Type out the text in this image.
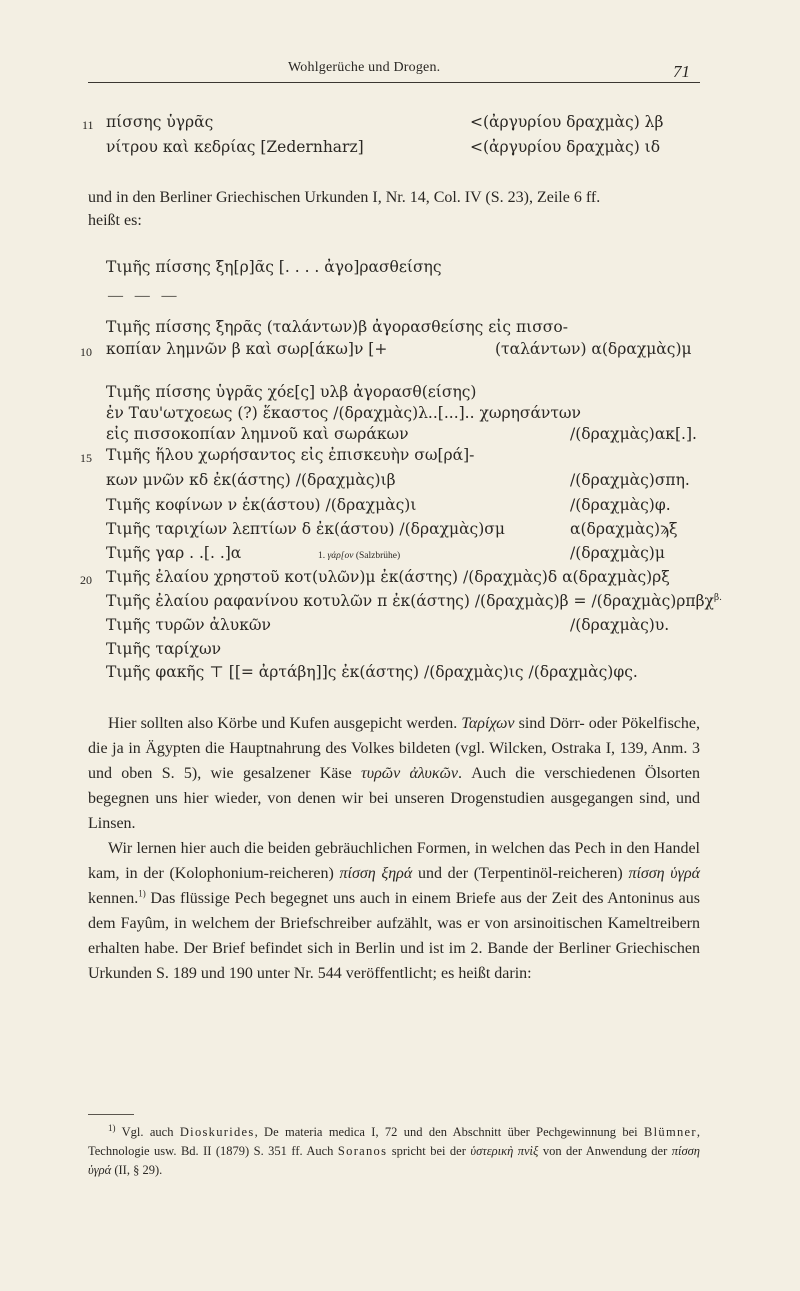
Wohlgerüche und Drogen.	71
11 πίσσης ὑγρᾶς	<(ἀργυρίου δραχμὰς) λβ
νίτρου καὶ κεδρίας [Zedernharz]	<(ἀργυρίου δραχμὰς) ιδ
und in den Berliner Griechischen Urkunden I, Nr. 14, Col. IV (S. 23), Zeile 6 ff.
heißt es:
Τιμῆς πίσσης ξη[ρ]ᾶς [. . . . ἀγο]ρασθείσης
— — —
Τιμῆς πίσσης ξηρᾶς (ταλάντων)β ἀγορασθείσης εἰς πισσο-
10 κοπίαν λημνῶν β καὶ σωρ[άκω]ν [+	(ταλάντων) α(δραχμὰς)μ
Τιμῆς πίσσης ὑγρᾶς χόε[ς] υλβ ἀγορασθ(είσης)
ἐν Ταυ'ωτχοεως (?) ἕκαστος /(δραχμὰς)λ..[...].. χωρησάντων
εἰς πισσοκοπίαν λημνοῦ καὶ σωράκων	/(δραχμὰς)ακ[.].
15 Τιμῆς ἥλου χωρήσαντος εἰς ἐπισκευὴν σω[ρά]-
κων μνῶν κδ ἐκ(άστης) /(δραχμὰς)ιβ	/(δραχμὰς)σπη.
Τιμῆς κοφίνων ν ἐκ(άστου) /(δραχμὰς)ι	/(δραχμὰς)φ.
Τιμῆς ταριχίων λεπτίων δ ἐκ(άστου) /(δραχμὰς)σμ	α(δραχμὰς)ϡξ
Τιμῆς γαρ . .[. .]α	1. γάρ[ον (Salzbrühe)	/(δραχμὰς)μ
20 Τιμῆς ἐλαίου χρηστοῦ κοτ(υλῶν)μ ἐκ(άστης) /(δραχμὰς)δ α(δραχμὰς)ρξ
Τιμῆς ἐλαίου ραφανίνου κοτυλῶν π ἐκ(άστης) /(δραχμὰς)β = /(δραχμὰς)ρπβχ$^{\beta.}$
Τιμῆς τυρῶν ἀλυκῶν	/(δραχμὰς)υ.
Τιμῆς ταρίχων
Τιμῆς φακῆς ⊤ [[= ἀρτάβη]]ς ἐκ(άστης) /(δραχμὰς)ις /(δραχμὰς)φς.

Hier sollten also Körbe und Kufen ausgepicht werden. Ταρίχων sind Dörr- oder Pökelfische, die ja in Ägypten die Hauptnahrung des Volkes bildeten (vgl. Wilcken, Ostraka I, 139, Anm. 3 und oben S. 5), wie gesalzener Käse τυρῶν ἀλυκῶν. Auch die verschiedenen Ölsorten begegnen uns hier wieder, von denen wir bei unseren Drogenstudien ausgegangen sind, und Linsen.

Wir lernen hier auch die beiden gebräuchlichen Formen, in welchen das Pech in den Handel kam, in der (Kolophonium-reicheren) πίσση ξηρά und der (Terpentinöl-reicheren) πίσση ὑγρά kennen.$^{1)}$ Das flüssige Pech begegnet uns auch in einem Briefe aus der Zeit des Antoninus aus dem Fayûm, in welchem der Briefschreiber aufzählt, was er von arsinoitischen Kameltreibern erhalten habe. Der Brief befindet sich in Berlin und ist im 2. Bande der Berliner Griechischen Urkunden S. 189 und 190 unter Nr. 544 veröffentlicht; es heißt darin:

$^{1)}$ Vgl. auch Dioskurides, De materia medica I, 72 und den Abschnitt über Pechgewinnung bei Blümner, Technologie usw. Bd. II (1879) S. 351 ff. Auch Soranos spricht bei der ὑστερικὴ πνὶξ von der Anwendung der πίσση ὑγρά (II, § 29).
